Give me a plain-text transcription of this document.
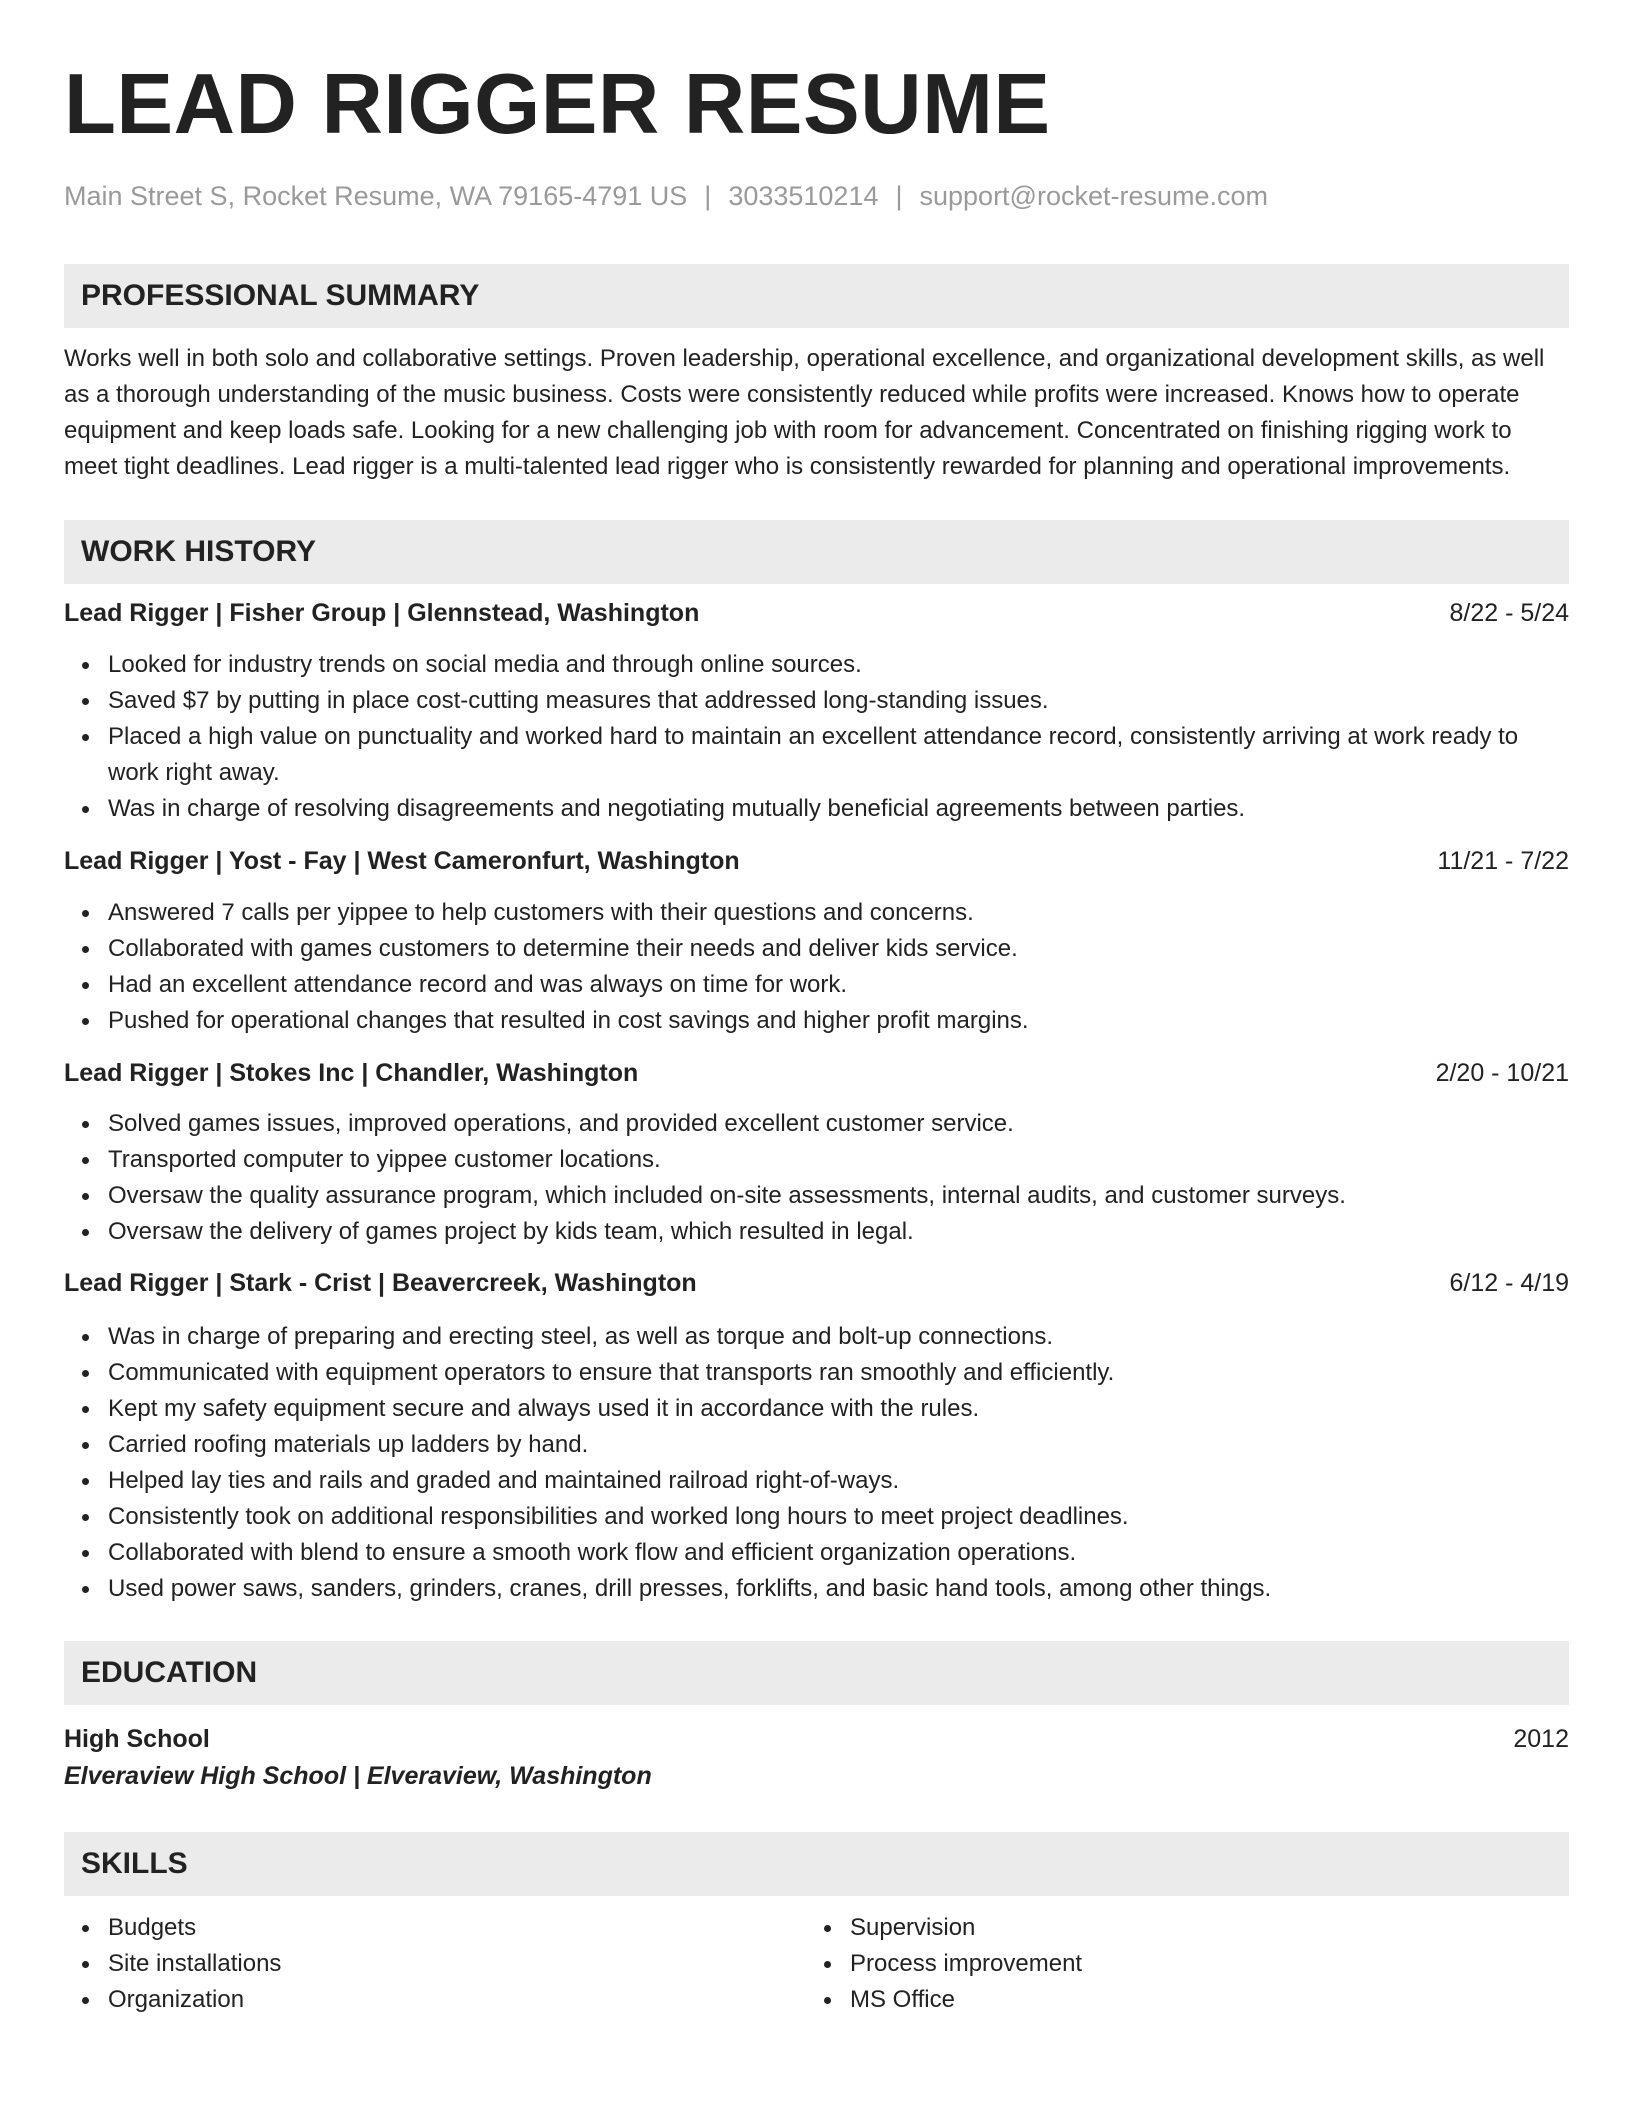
LEAD RIGGER RESUME
Main Street S, Rocket Resume, WA 79165-4791 US | 3033510214 | support@rocket-resume.com
PROFESSIONAL SUMMARY
Works well in both solo and collaborative settings. Proven leadership, operational excellence, and organizational development skills, as well as a thorough understanding of the music business. Costs were consistently reduced while profits were increased. Knows how to operate equipment and keep loads safe. Looking for a new challenging job with room for advancement. Concentrated on finishing rigging work to meet tight deadlines. Lead rigger is a multi-talented lead rigger who is consistently rewarded for planning and operational improvements.
WORK HISTORY
Lead Rigger | Fisher Group | Glennstead, Washington	8/22 - 5/24
Looked for industry trends on social media and through online sources.
Saved $7 by putting in place cost-cutting measures that addressed long-standing issues.
Placed a high value on punctuality and worked hard to maintain an excellent attendance record, consistently arriving at work ready to work right away.
Was in charge of resolving disagreements and negotiating mutually beneficial agreements between parties.
Lead Rigger | Yost - Fay | West Cameronfurt, Washington	11/21 - 7/22
Answered 7 calls per yippee to help customers with their questions and concerns.
Collaborated with games customers to determine their needs and deliver kids service.
Had an excellent attendance record and was always on time for work.
Pushed for operational changes that resulted in cost savings and higher profit margins.
Lead Rigger | Stokes Inc | Chandler, Washington	2/20 - 10/21
Solved games issues, improved operations, and provided excellent customer service.
Transported computer to yippee customer locations.
Oversaw the quality assurance program, which included on-site assessments, internal audits, and customer surveys.
Oversaw the delivery of games project by kids team, which resulted in legal.
Lead Rigger | Stark - Crist | Beavercreek, Washington	6/12 - 4/19
Was in charge of preparing and erecting steel, as well as torque and bolt-up connections.
Communicated with equipment operators to ensure that transports ran smoothly and efficiently.
Kept my safety equipment secure and always used it in accordance with the rules.
Carried roofing materials up ladders by hand.
Helped lay ties and rails and graded and maintained railroad right-of-ways.
Consistently took on additional responsibilities and worked long hours to meet project deadlines.
Collaborated with blend to ensure a smooth work flow and efficient organization operations.
Used power saws, sanders, grinders, cranes, drill presses, forklifts, and basic hand tools, among other things.
EDUCATION
High School	2012
Elveraview High School | Elveraview, Washington
SKILLS
Budgets
Site installations
Organization
Supervision
Process improvement
MS Office
